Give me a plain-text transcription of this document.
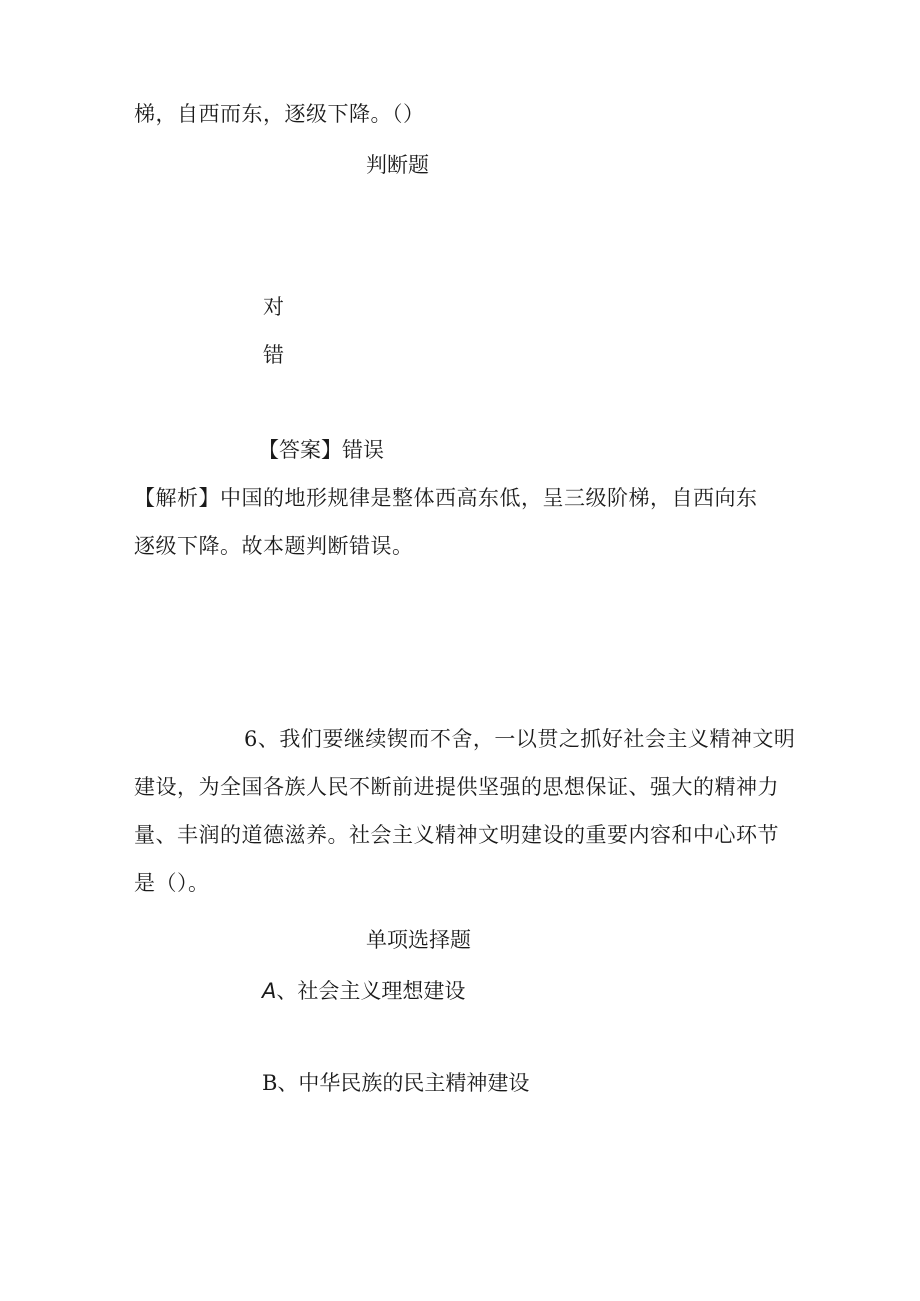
梯，自西而东，逐级下降。（）

判断题

对

错

【答案】错误

【解析】中国的地形规律是整体西高东低，呈三级阶梯，自西向东

逐级下降。故本题判断错误。

6、我们要继续锲而不舍，一以贯之抓好社会主义精神文明

建设，为全国各族人民不断前进提供坚强的思想保证、强大的精神力

量、丰润的道德滋养。社会主义精神文明建设的重要内容和中心环节

是（）。

单项选择题

A、社会主义理想建设

B、中华民族的民主精神建设
